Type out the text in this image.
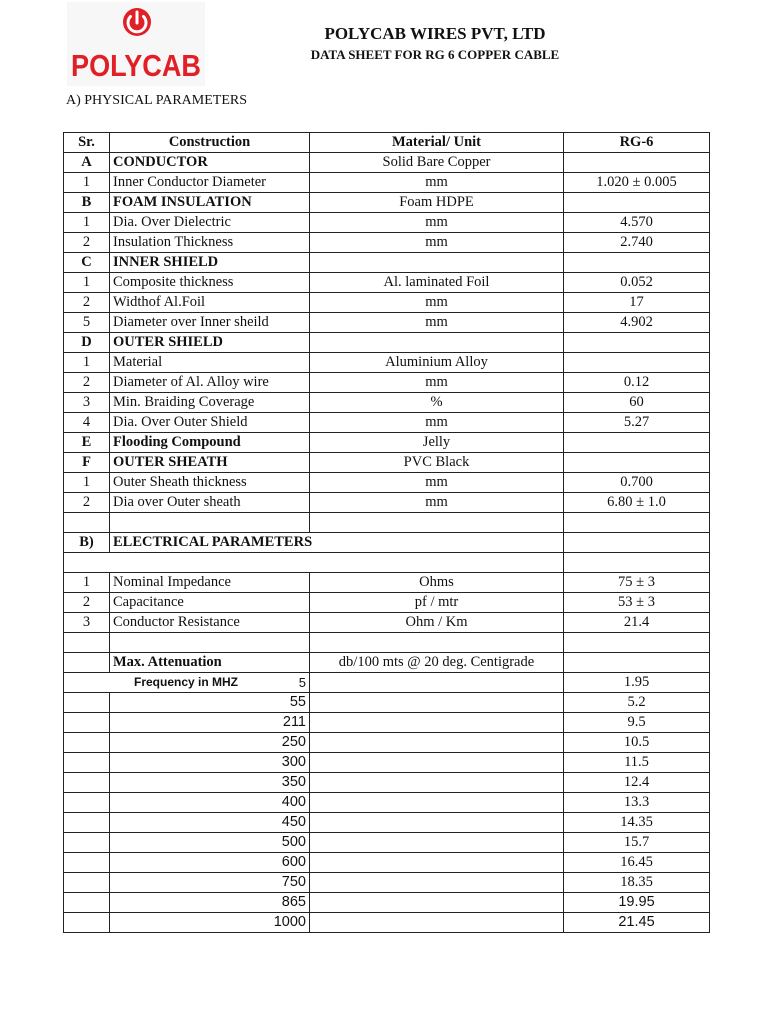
POLYCAB
POLYCAB WIRES PVT, LTD
DATA SHEET FOR RG 6 COPPER CABLE
A) PHYSICAL PARAMETERS
Sr.	Construction	Material/ Unit	RG-6
A	CONDUCTOR	Solid Bare Copper	
1	Inner Conductor Diameter	mm	1.020 ± 0.005
B	FOAM INSULATION	Foam HDPE	
1	Dia. Over Dielectric	mm	4.570
2	Insulation Thickness	mm	2.740
C	INNER SHIELD		
1	Composite thickness	Al. laminated Foil	0.052
2	Widthof Al.Foil	mm	17
5	Diameter over Inner sheild	mm	4.902
D	OUTER SHIELD		
1	Material	Aluminium Alloy	
2	Diameter of Al. Alloy wire	mm	0.12
3	Min. Braiding Coverage	%	60
4	Dia. Over Outer Shield	mm	5.27
E	Flooding Compound	Jelly	
F	OUTER SHEATH	PVC Black	
1	Outer Sheath thickness	mm	0.700
2	Dia over Outer sheath	mm	6.80 ± 1.0

B)	ELECTRICAL PARAMETERS		

1	Nominal Impedance	Ohms	75 ± 3
2	Capacitance	pf / mtr	53 ± 3
3	Conductor Resistance	Ohm / Km	21.4

	Max. Attenuation	db/100 mts @ 20 deg. Centigrade	

Frequency in MHZ 5			1.95
	55		5.2
	211		9.5
	250		10.5
	300		11.5
	350		12.4
	400		13.3
	450		14.35
	500		15.7
	600		16.45
	750		18.35
	865		19.95
	1000		21.45
